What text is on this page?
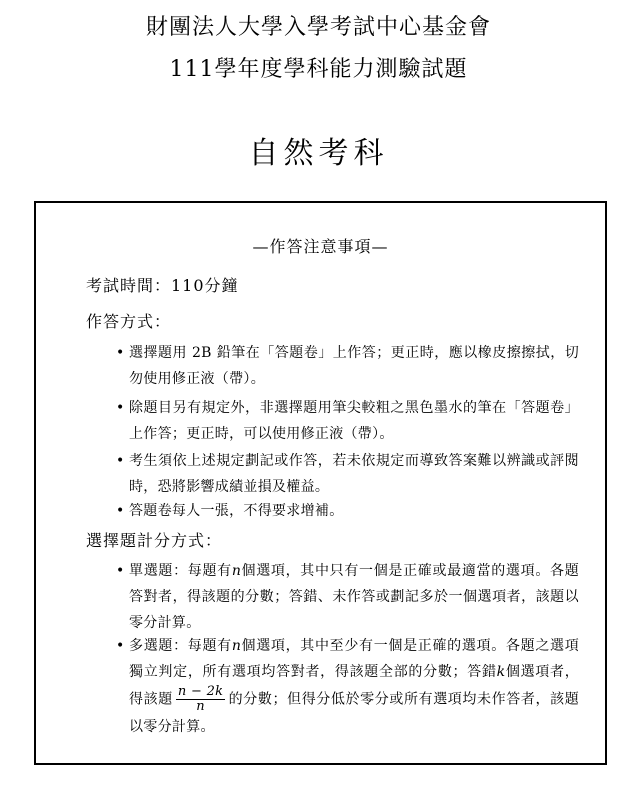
財團法人大學入學考試中心基金會
111學年度學科能力測驗試題
自然考科
—作答注意事項—
考試時間：110分鐘
作答方式：
• 選擇題用 2B 鉛筆在「答題卷」上作答；更正時，應以橡皮擦擦拭，切勿使用修正液（帶）。
• 除題目另有規定外，非選擇題用筆尖較粗之黑色墨水的筆在「答題卷」上作答；更正時，可以使用修正液（帶）。
• 考生須依上述規定劃記或作答，若未依規定而導致答案難以辨識或評閱時，恐將影響成績並損及權益。
• 答題卷每人一張，不得要求增補。
選擇題計分方式：
• 單選題：每題有n個選項，其中只有一個是正確或最適當的選項。各題答對者，得該題的分數；答錯、未作答或劃記多於一個選項者，該題以零分計算。
• 多選題：每題有n個選項，其中至少有一個是正確的選項。各題之選項獨立判定，所有選項均答對者，得該題全部的分數；答錯k個選項者，得該題 $\frac{n - 2k}{n}$ 的分數；但得分低於零分或所有選項均未作答者，該題以零分計算。
